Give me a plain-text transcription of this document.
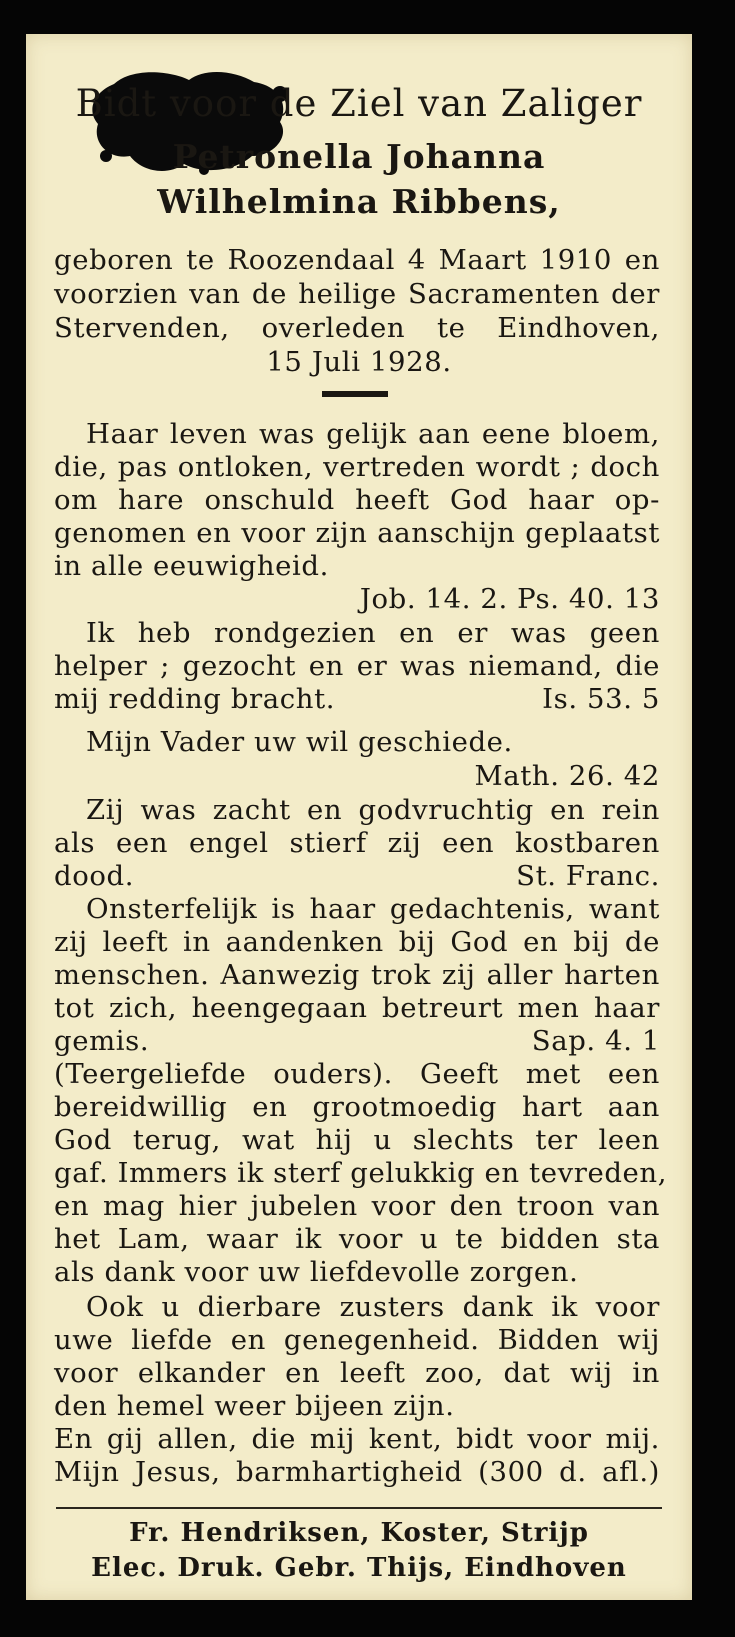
Bidt voor de Ziel van Zaliger

Petronella Johanna

Wilhelmina Ribbens,

geboren te Roozendaal 4 Maart 1910 en

voorzien van de heilige Sacramenten der

Stervenden, overleden te Eindhoven,

15 Juli 1928.

Haar leven was gelijk aan eene bloem,

die, pas ontloken, vertreden wordt ; doch

om hare onschuld heeft God haar op-

genomen en voor zijn aanschijn geplaatst

in alle eeuwigheid.

Job. 14. 2. Ps. 40. 13

Ik heb rondgezien en er was geen

helper ; gezocht en er was niemand, die

mij redding bracht.	Is. 53. 5

Mijn Vader uw wil geschiede.

Math. 26. 42

Zij was zacht en godvruchtig en rein

als een engel stierf zij een kostbaren

dood.	St. Franc.

Onsterfelijk is haar gedachtenis, want

zij leeft in aandenken bij God en bij de

menschen. Aanwezig trok zij aller harten

tot zich, heengegaan betreurt men haar

gemis.	Sap. 4. 1

(Teergeliefde ouders). Geeft met een

bereidwillig en grootmoedig hart aan

God terug, wat hij u slechts ter leen

gaf. Immers ik sterf gelukkig en tevreden,

en mag hier jubelen voor den troon van

het Lam, waar ik voor u te bidden sta

als dank voor uw liefdevolle zorgen.

Ook u dierbare zusters dank ik voor

uwe liefde en genegenheid. Bidden wij

voor elkander en leeft zoo, dat wij in

den hemel weer bijeen zijn.

En gij allen, die mij kent, bidt voor mij.

Mijn Jesus, barmhartigheid (300 d. afl.)

Fr. Hendriksen, Koster, Strijp

Elec. Druk. Gebr. Thijs, Eindhoven
